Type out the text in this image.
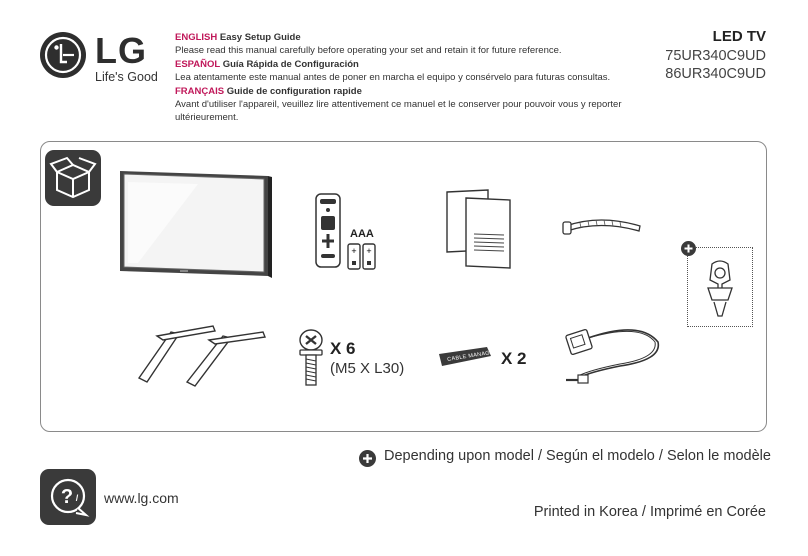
LG
Life's Good
ENGLISH Easy Setup Guide
Please read this manual carefully before operating your set and retain it for future reference.
ESPAÑOL Guía Rápida de Configuración
Lea atentamente este manual antes de poner en marcha el equipo y consérvelo para futuras consultas.
FRANÇAIS Guide de configuration rapide
Avant d'utiliser l'appareil, veuillez lire attentivement ce manuel et le conserver pour pouvoir vous y reporter ultérieurement.
LED TV
75UR340C9UD
86UR340C9UD
+ +
AAA
X 6
(M5 X L30)
CABLE MANAGEMENT
X 2
Depending upon model / Según el modelo / Selon le modèle
? / www.lg.com
Printed in Korea / Imprimé en Corée
